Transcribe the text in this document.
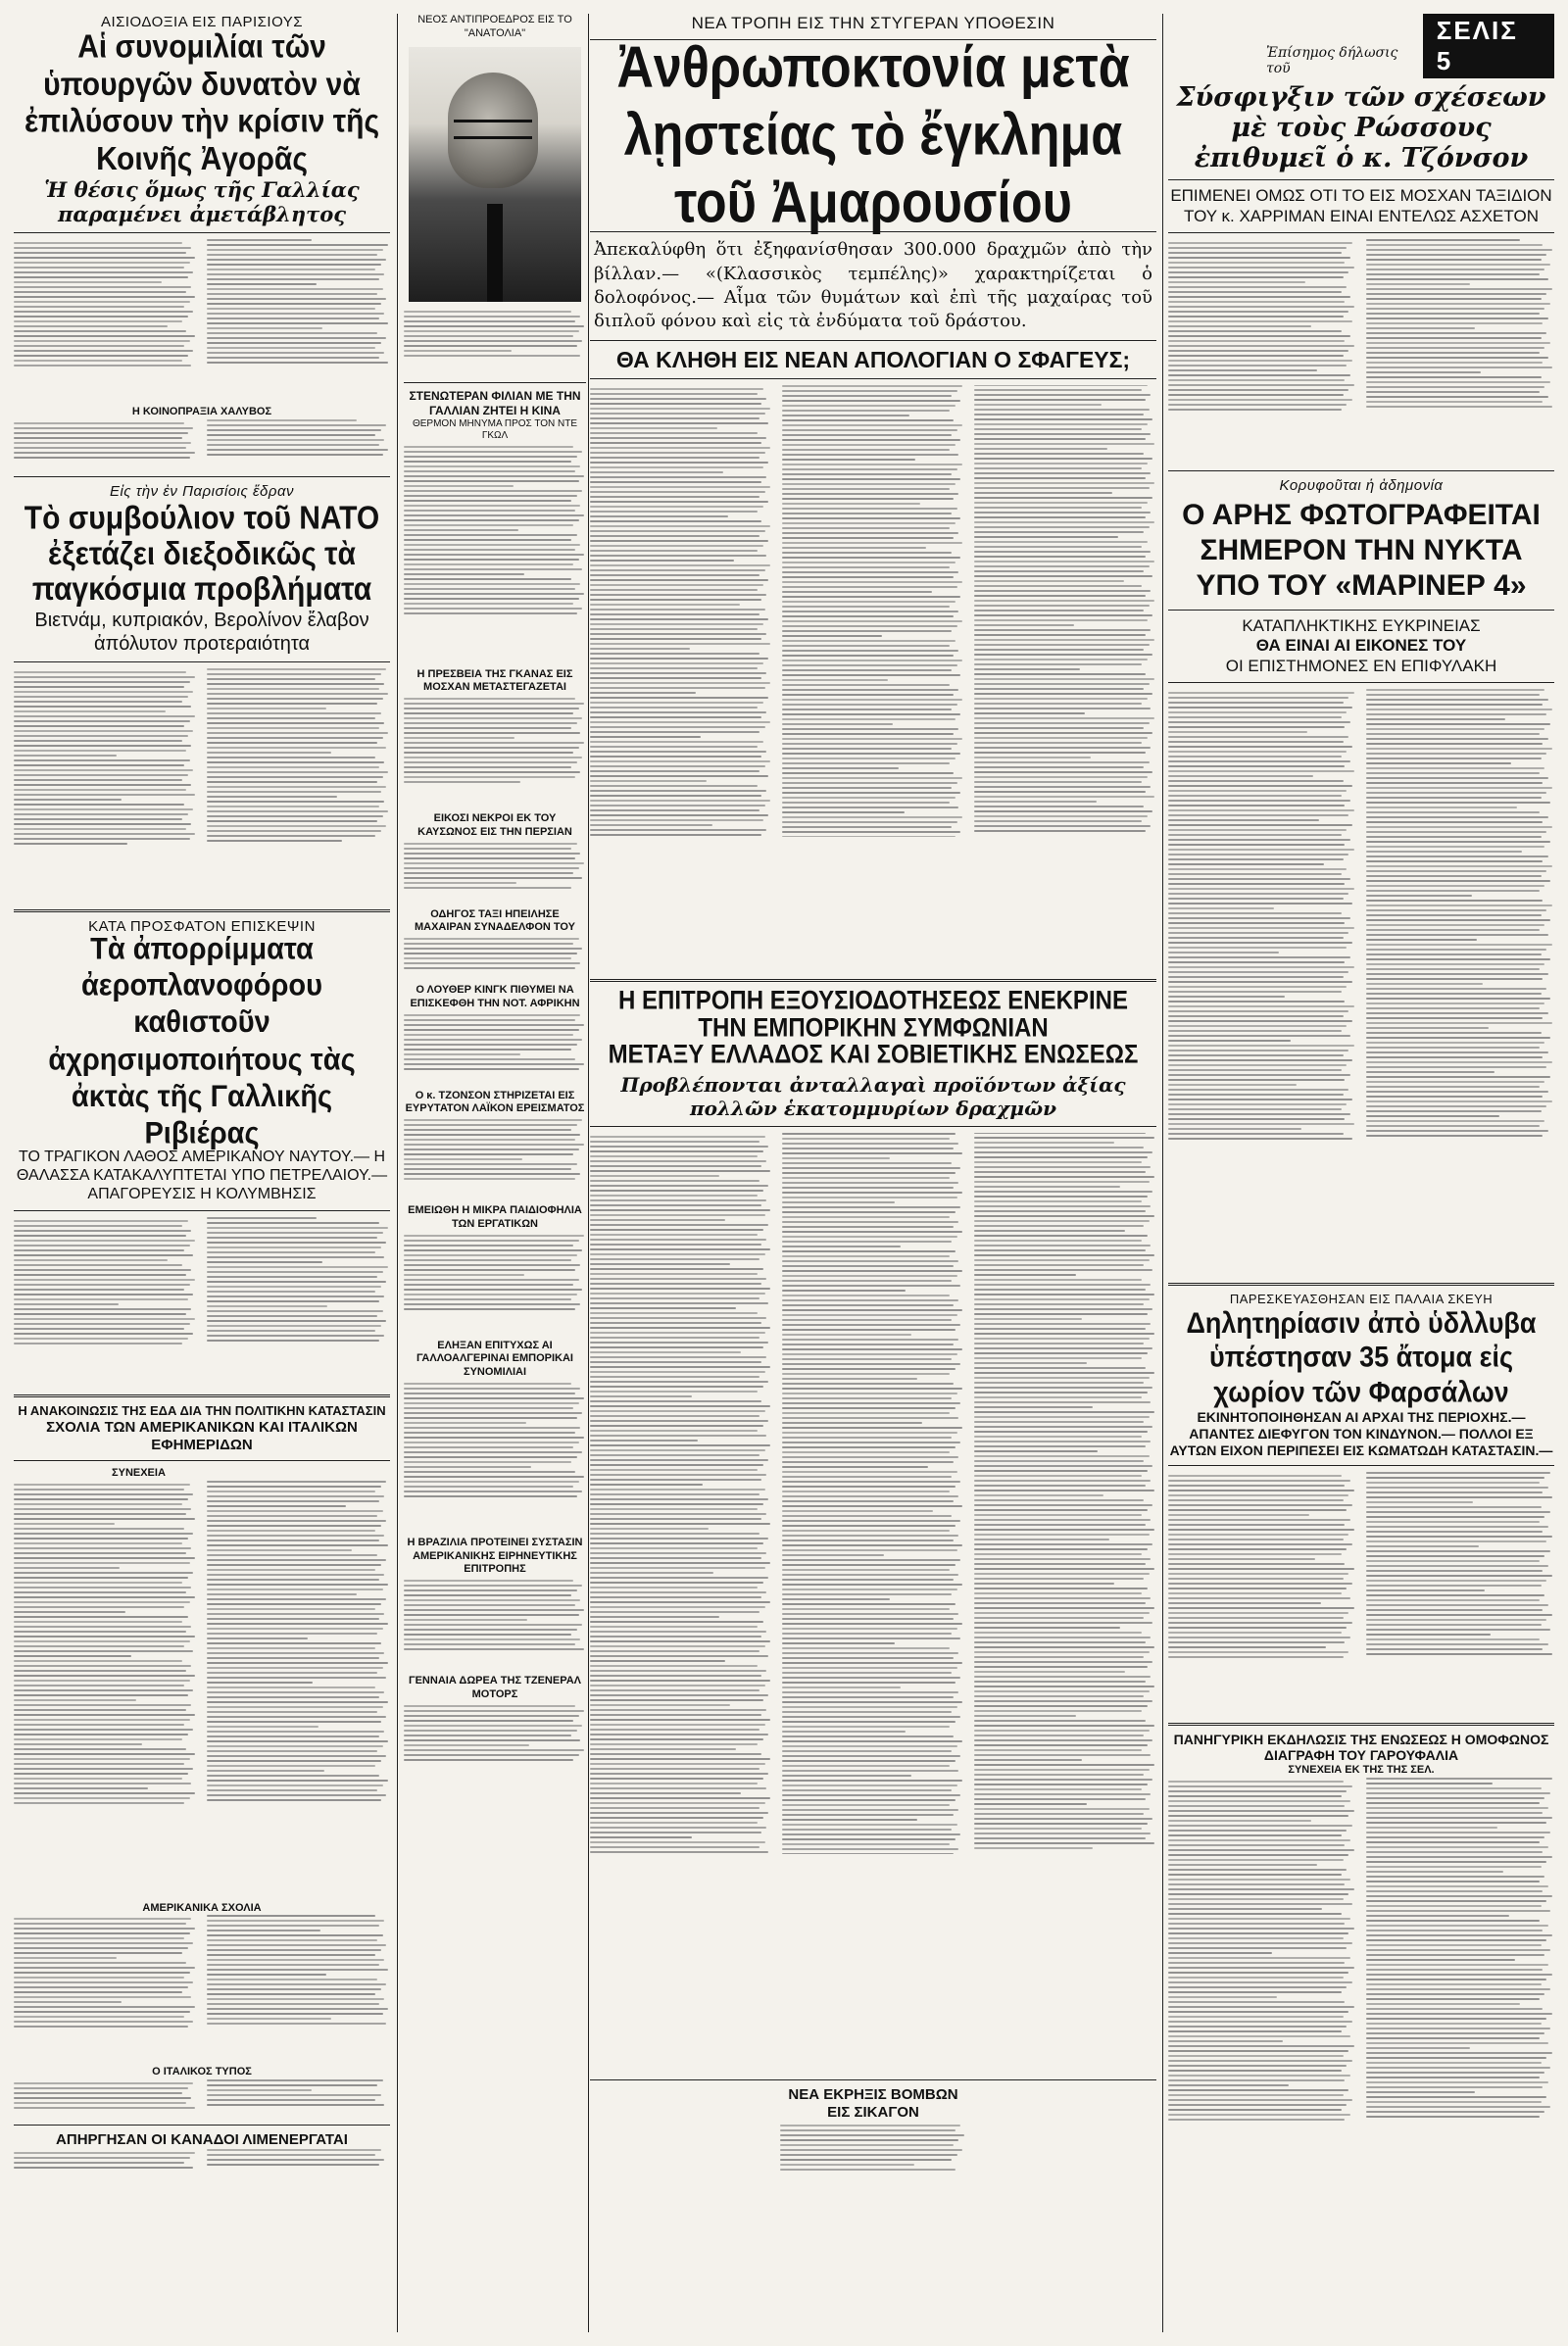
ΑΙΣΙΟΔΟΞΙΑ ΕΙΣ ΠΑΡΙΣΙΟΥΣ
Αἱ συνομιλίαι τῶν ὑπουργῶν δυνατὸν νὰ ἐπιλύσουν τὴν κρίσιν τῆς Κοινῆς Ἀγορᾶς
Ἡ θέσις ὅμως τῆς Γαλλίας
παραμένει ἀμετάβλητος
Η ΚΟΙΝΟΠΡΑΞΙΑ ΧΑΛΥΒΟΣ
Εἰς τὴν ἐν Παρισίοις ἕδραν
Τὸ συμβούλιον τοῦ ΝΑΤΟ ἐξετάζει διεξοδικῶς τὰ παγκόσμια προβλήματα
Βιετνάμ, κυπριακόν, Βερολίνον ἔλαβον ἀπόλυτον προτεραιότητα
ΚΑΤΑ ΠΡΟΣΦΑΤΟΝ ΕΠΙΣΚΕΨΙΝ
Τὰ ἀπορρίμματα ἀεροπλανοφόρου καθιστοῦν ἀχρησιμοποιήτους τὰς ἀκτὰς τῆς Γαλλικῆς Ριβιέρας
ΤΟ ΤΡΑΓΙΚΟΝ ΛΑΘΟΣ ΑΜΕΡΙΚΑΝΟΥ ΝΑΥΤΟΥ.— Η ΘΑΛΑΣΣΑ ΚΑΤΑΚΑΛΥΠΤΕΤΑΙ ΥΠΟ ΠΕΤΡΕΛΑΙΟΥ.— ΑΠΑΓΟΡΕΥΣΙΣ Η ΚΟΛΥΜΒΗΣΙΣ
Η ΑΝΑΚΟΙΝΩΣΙΣ ΤΗΣ ΕΔΑ ΔΙΑ ΤΗΝ ΠΟΛΙΤΙΚΗΝ ΚΑΤΑΣΤΑΣΙΝ
ΣΧΟΛΙΑ ΤΩΝ ΑΜΕΡΙΚΑΝΙΚΩΝ ΚΑΙ ΙΤΑΛΙΚΩΝ ΕΦΗΜΕΡΙΔΩΝ
ΣΥΝΕΧΕΙΑ
ΑΜΕΡΙΚΑΝΙΚΑ ΣΧΟΛΙΑ
Ο ΙΤΑΛΙΚΟΣ ΤΥΠΟΣ
ΑΠΗΡΓΗΣΑΝ ΟΙ ΚΑΝΑΔΟΙ ΛΙΜΕΝΕΡΓΑΤΑΙ
ΝΕΟΣ ΑΝΤΙΠΡΟΕΔΡΟΣ ΕΙΣ ΤΟ "ΑΝΑΤΟΛΙΑ"
ΣΤΕΝΩΤΕΡΑΝ ΦΙΛΙΑΝ ΜΕ ΤΗΝ ΓΑΛΛΙΑΝ ΖΗΤΕΙ Η ΚΙΝΑ
ΘΕΡΜΟΝ ΜΗΝΥΜΑ ΠΡΟΣ ΤΟΝ ΝΤΕ ΓΚΩΛ
Η ΠΡΕΣΒΕΙΑ ΤΗΣ ΓΚΑΝΑΣ ΕΙΣ ΜΟΣΧΑΝ ΜΕΤΑΣΤΕΓΑΖΕΤΑΙ
ΕΙΚΟΣΙ ΝΕΚΡΟΙ ΕΚ ΤΟΥ ΚΑΥΣΩΝΟΣ ΕΙΣ ΤΗΝ ΠΕΡΣΙΑΝ
ΟΔΗΓΟΣ ΤΑΞΙ ΗΠΕΙΛΗΣΕ ΜΑΧΑΙΡΑΝ ΣΥΝΑΔΕΛΦΟΝ ΤΟΥ
Ο ΛΟΥΘΕΡ ΚΙΝΓΚ ΠΙΘΥΜΕΙ ΝΑ ΕΠΙΣΚΕΦΘΗ ΤΗΝ ΝΟΤ. ΑΦΡΙΚΗΝ
Ο κ. ΤΖΟΝΣΟΝ ΣΤΗΡΙΖΕΤΑΙ ΕΙΣ ΕΥΡΥΤΑΤΟΝ ΛΑΪΚΟΝ ΕΡΕΙΣΜΑΤΟΣ
ΕΜΕΙΩΘΗ Η ΜΙΚΡΑ ΠΑΙΔΙΟΦΗΛΙΑ ΤΩΝ ΕΡΓΑΤΙΚΩΝ
ΕΛΗΞΑΝ ΕΠΙΤΥΧΩΣ ΑΙ ΓΑΛΛΟΑΛΓΕΡΙΝΑΙ ΕΜΠΟΡΙΚΑΙ ΣΥΝΟΜΙΛΙΑΙ
Η ΒΡΑΖΙΛΙΑ ΠΡΟΤΕΙΝΕΙ ΣΥΣΤΑΣΙΝ ΑΜΕΡΙΚΑΝΙΚΗΣ ΕΙΡΗΝΕΥΤΙΚΗΣ ΕΠΙΤΡΟΠΗΣ
ΓΕΝΝΑΙΑ ΔΩΡΕΑ ΤΗΣ ΤΖΕΝΕΡΑΛ ΜΟΤΟΡΣ
ΝΕΑ ΤΡΟΠΗ ΕΙΣ ΤΗΝ ΣΤΥΓΕΡΑΝ ΥΠΟΘΕΣΙΝ
Ἀνθρωποκτονία μετὰ λῃστείας τὸ ἔγκλημα τοῦ Ἀμαρουσίου
Ἀπεκαλύφθη ὅτι ἐξηφανίσθησαν 300.000 δραχμῶν ἀπὸ τὴν βίλλαν.— «(Κλασσικὸς τεμπέλης)» χαρακτηρίζεται ὁ δολοφόνος.— Αἷμα τῶν θυμάτων καὶ ἐπὶ τῆς μαχαίρας τοῦ διπλοῦ φόνου καὶ εἰς τὰ ἐνδύματα τοῦ δράστου.
ΘΑ ΚΛΗΘΗ ΕΙΣ ΝΕΑΝ ΑΠΟΛΟΓΙΑΝ Ο ΣΦΑΓΕΥΣ;
Η ΕΠΙΤΡΟΠΗ ΕΞΟΥΣΙΟΔΟΤΗΣΕΩΣ ΕΝΕΚΡΙΝΕ
ΤΗΝ ΕΜΠΟΡΙΚΗΝ ΣΥΜΦΩΝΙΑΝ
ΜΕΤΑΞΥ ΕΛΛΑΔΟΣ ΚΑΙ ΣΟΒΙΕΤΙΚΗΣ ΕΝΩΣΕΩΣ
Προβλέπονται ἀνταλλαγαὶ προϊόντων ἀξίας πολλῶν ἑκατομμυρίων δραχμῶν
ΝΕΑ ΕΚΡΗΞΙΣ ΒΟΜΒΩΝ ΕΙΣ ΣΙΚΑΓΟΝ
Ἐπίσημος δήλωσις τοῦ
ΣΕΛΙΣ 5
Σύσφιγξιν τῶν σχέσεων μὲ τοὺς Ρώσσους ἐπιθυμεῖ ὁ κ. Τζόνσον
ΕΠΙΜΕΝΕΙ ΟΜΩΣ ΟΤΙ ΤΟ ΕΙΣ ΜΟΣΧΑΝ ΤΑΞΙΔΙΟΝ ΤΟΥ κ. ΧΑΡΡΙΜΑΝ ΕΙΝΑΙ ΕΝΤΕΛΩΣ ΑΣΧΕΤΟΝ
Κορυφοῦται ἡ ἀδημονία
Ο ΑΡΗΣ ΦΩΤΟΓΡΑΦΕΙΤΑΙ ΣΗΜΕΡΟΝ ΤΗΝ ΝΥΚΤΑ ΥΠΟ ΤΟΥ «ΜΑΡΙΝΕΡ 4»
ΚΑΤΑΠΛΗΚΤΙΚΗΣ ΕΥΚΡΙΝΕΙΑΣ
ΘΑ ΕΙΝΑΙ ΑΙ ΕΙΚΟΝΕΣ ΤΟΥ
ΟΙ ΕΠΙΣΤΗΜΟΝΕΣ ΕΝ ΕΠΙΦΥΛΑΚΗ
ΠΑΡΕΣΚΕΥΑΣΘΗΣΑΝ ΕΙΣ ΠΑΛΑΙΑ ΣΚΕΥΗ
Δηλητηρίασιν ἀπὸ ὑδλλυβα ὑπέστησαν 35 ἄτομα εἰς χωρίον τῶν Φαρσάλων
ΕΚΙΝΗΤΟΠΟΙΗΘΗΣΑΝ ΑΙ ΑΡΧΑΙ ΤΗΣ ΠΕΡΙΟΧΗΣ.— ΑΠΑΝΤΕΣ ΔΙΕΦΥΓΟΝ ΤΟΝ ΚΙΝΔΥΝΟΝ.— ΠΟΛΛΟΙ ΕΞ ΑΥΤΩΝ ΕΙΧΟΝ ΠΕΡΙΠΕΣΕΙ ΕΙΣ ΚΩΜΑΤΩΔΗ ΚΑΤΑΣΤΑΣΙΝ.—
ΠΑΝΗΓΥΡΙΚΗ ΕΚΔΗΛΩΣΙΣ ΤΗΣ ΕΝΩΣΕΩΣ Η ΟΜΟΦΩΝΟΣ ΔΙΑΓΡΑΦΗ ΤΟΥ ΓΑΡΟΥΦΑΛΙΑ
ΣΥΝΕΧΕΙΑ ΕΚ ΤΗΣ ΤΗΣ ΣΕΛ.
